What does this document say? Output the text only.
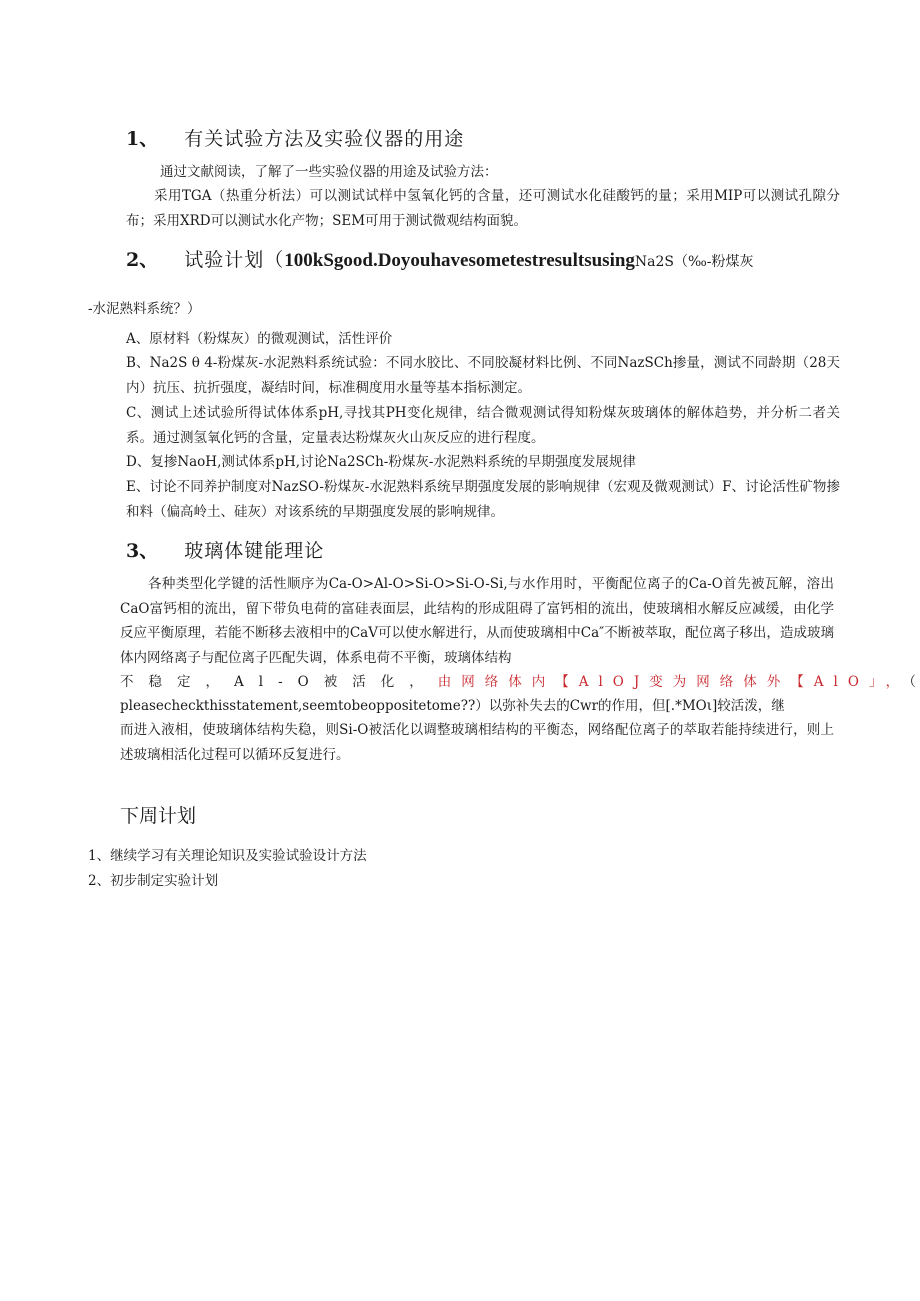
1、 有关试验方法及实验仪器的用途
通过文献阅读，了解了一些实验仪器的用途及试验方法：
采用TGA（热重分析法）可以测试试样中氢氧化钙的含量，还可测试水化硅酸钙的量；采用MIP可以测试孔隙分布；采用XRD可以测试水化产物；SEM可用于测试微观结构面貌。
2、 试验计划（100kSgood.DoyouhavesometestresultsusingNa2S（‰-粉煤灰
-水泥熟料系统？）
A、原材料（粉煤灰）的微观测试，活性评价
B、Na2S θ 4-粉煤灰-水泥熟料系统试验：不同水胶比、不同胶凝材料比例、不同NazSCh掺量，测试不同龄期（28天内）抗压、抗折强度，凝结时间，标准稠度用水量等基本指标测定。
C、测试上述试验所得试体体系pH,寻找其PH变化规律，结合微观测试得知粉煤灰玻璃体的解体趋势，并分析二者关系。通过测氢氧化钙的含量，定量表达粉煤灰火山灰反应的进行程度。
D、复掺NaoH,测试体系pH,讨论Na2SCh-粉煤灰-水泥熟料系统的早期强度发展规律
E、讨论不同养护制度对NazSO-粉煤灰-水泥熟料系统早期强度发展的影响规律（宏观及微观测试）F、讨论活性矿物掺和料（偏高岭土、硅灰）对该系统的早期强度发展的影响规律。
3、 玻璃体键能理论
各种类型化学键的活性顺序为Ca-O>Al-O>Si-O>Si-O-Si,与水作用时，平衡配位离子的Ca-O首先被瓦解，溶出CaO富钙相的流出，留下带负电荷的富硅表面层，此结构的形成阻碍了富钙相的流出，使玻璃相水解反应减缓，由化学反应平衡原理，若能不断移去液相中的CaV可以使水解进行，从而使玻璃相中Ca″不断被萃取，配位离子移出，造成玻璃体内网络离子与配位离子匹配失调，体系电荷不平衡，玻璃体结构
不稳定，Al-O被活化，由网络体内【AlOJ变为网络体外【AlO」，（
pleasecheckthisstatement,seemtobeoppositetome??）以弥补失去的Cwr的作用，但[.*MOι]较活泼，继
而进入液相，使玻璃体结构失稳，则Si-O被活化以调整玻璃相结构的平衡态，网络配位离子的萃取若能持续进行，则上述玻璃相活化过程可以循环反复进行。
下周计划
1、继续学习有关理论知识及实验试验设计方法
2、初步制定实验计划
